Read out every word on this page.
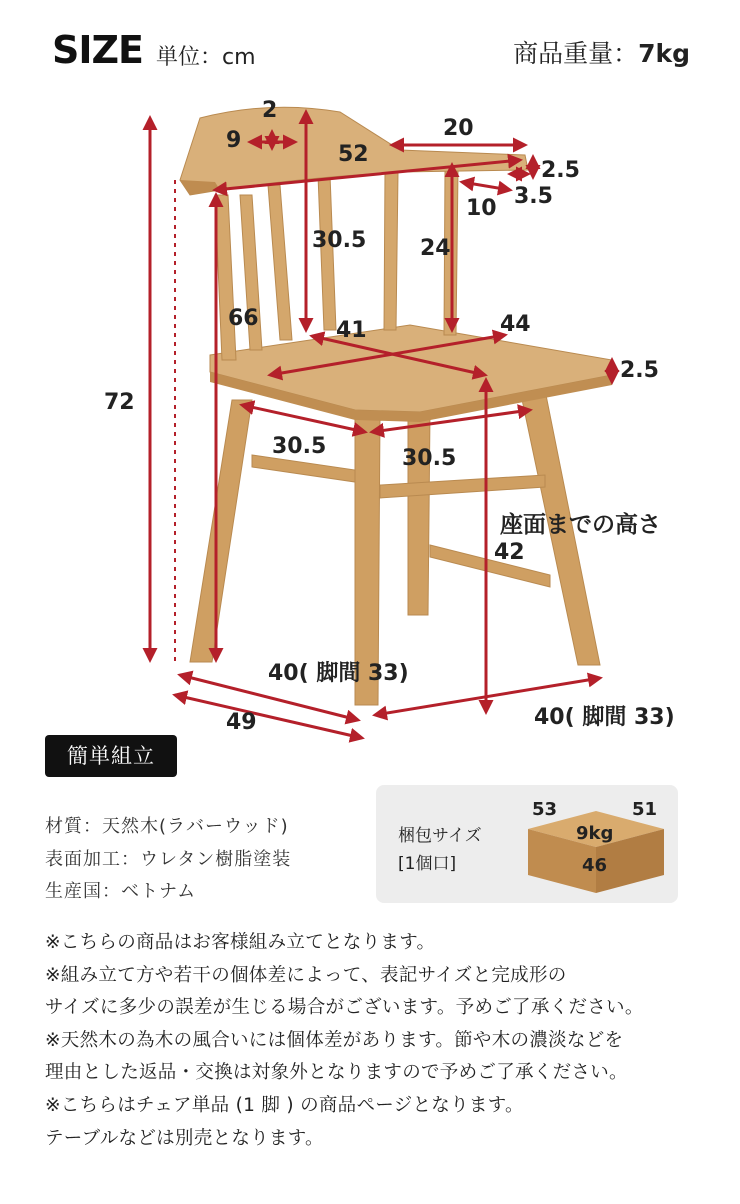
SIZE 単位：cm	商品重量：7kg
2
9
52
20
2.5
3.5
10
30.5 24
66	41	44
2.5
72
30.5	30.5
座面までの高さ
42
40( 脚間 33)
49	40( 脚間 33)
簡単組立
材質：天然木(ラバーウッド)
表面加工：ウレタン樹脂塗装
生産国：ベトナム
梱包サイズ
[1個口]
53	51
9kg
46
※こちらの商品はお客様組み立てとなります。
※組み立て方や若干の個体差によって、表記サイズと完成形の
サイズに多少の誤差が生じる場合がございます。予めご了承ください。
※天然木の為木の風合いには個体差があります。節や木の濃淡などを
理由とした返品・交換は対象外となりますので予めご了承ください。
※こちらはチェア単品 (1 脚 ) の商品ページとなります。
テーブルなどは別売となります。
